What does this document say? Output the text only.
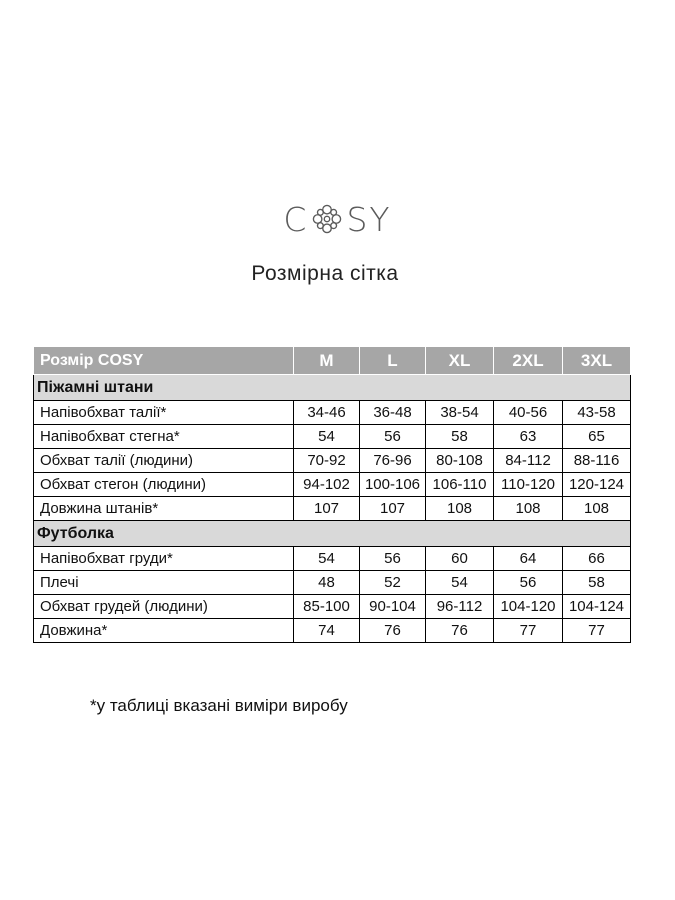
C SY
Розмірна сітка
Розмір COSY	M	L	XL	2XL	3XL
Піжамні штани					
Напівобхват талії*	34-46	36-48	38-54	40-56	43-58
Напівобхват стегна*	54	56	58	63	65
Обхват талії (людини)	70-92	76-96	80-108	84-112	88-116
Обхват стегон (людини)	94-102	100-106	106-110	110-120	120-124
Довжина штанів*	107	107	108	108	108
Футболка					
Напівобхват груди*	54	56	60	64	66
Плечі	48	52	54	56	58
Обхват грудей (людини)	85-100	90-104	96-112	104-120	104-124
Довжина*	74	76	76	77	77
*у таблиці вказані виміри виробу
